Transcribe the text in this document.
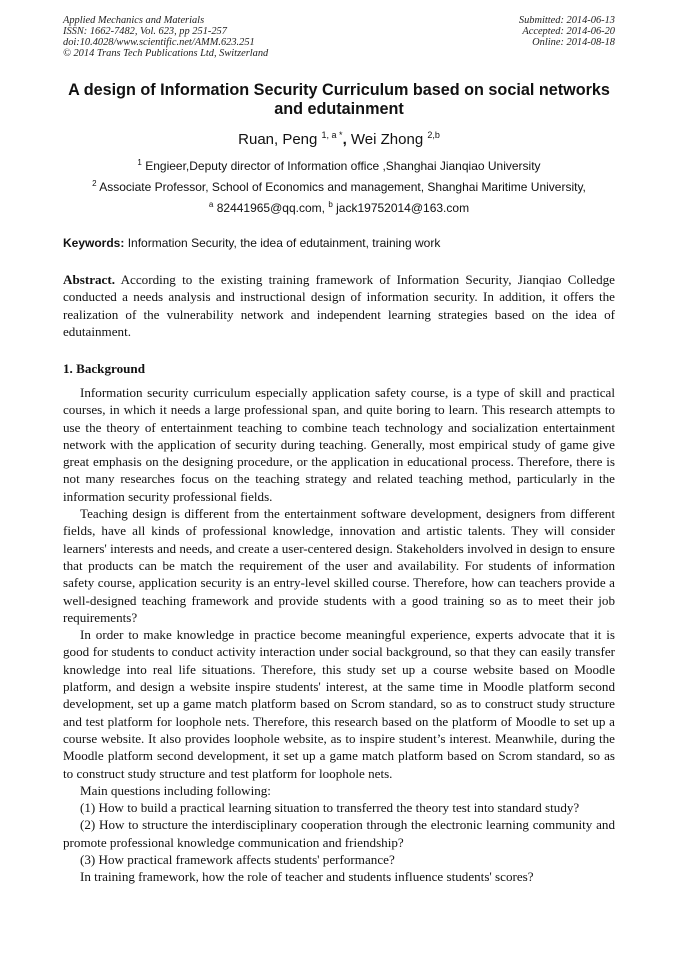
Applied Mechanics and Materials
ISSN: 1662-7482, Vol. 623, pp 251-257
doi:10.4028/www.scientific.net/AMM.623.251
© 2014 Trans Tech Publications Ltd, Switzerland
Submitted: 2014-06-13
Accepted: 2014-06-20
Online: 2014-08-18
A design of Information Security Curriculum based on social networks
and edutainment
Ruan, Peng $^{1, a *}$, Wei Zhong $^{2,b}$
$^1$ Engieer,Deputy director of Information office ,Shanghai Jianqiao University
$^2$ Associate Professor, School of Economics and management, Shanghai Maritime University,
$^a$ 82441965@qq.com, $^b$ jack19752014@163.com
Keywords: Information Security, the idea of edutainment, training work

Abstract. According to the existing training framework of Information Security, Jianqiao Colledge conducted a needs analysis and instructional design of information security. In addition, it offers the realization of the vulnerability network and independent learning strategies based on the idea of edutainment.

1. Background

Information security curriculum especially application safety course, is a type of skill and practical courses, in which it needs a large professional span, and quite boring to learn. This research attempts to use the theory of entertainment teaching to combine teach technology and socialization entertainment network with the application of security during teaching. Generally, most empirical study of game give great emphasis on the designing procedure, or the application in educational process. Therefore, there is not many researches focus on the teaching strategy and related teaching method, particularly in the information security professional fields.

Teaching design is different from the entertainment software development, designers from different fields, have all kinds of professional knowledge, innovation and artistic talents. They will consider learners' interests and needs, and create a user-centered design. Stakeholders involved in design to ensure that products can be match the requirement of the user and availability. For students of information safety course, application security is an entry-level skilled course. Therefore, how can teachers provide a well-designed teaching framework and provide students with a good training so as to meet their job requirements?

In order to make knowledge in practice become meaningful experience, experts advocate that it is good for students to conduct activity interaction under social background, so that they can easily transfer knowledge into real life situations. Therefore, this study set up a course website based on Moodle platform, and design a website inspire students' interest, at the same time in Moodle platform second development, set up a game match platform based on Scrom standard, so as to construct study structure and test platform for loophole nets. Therefore, this research based on the platform of Moodle to set up a course website. It also provides loophole website, as to inspire student’s interest. Meanwhile, during the Moodle platform second development, it set up a game match platform based on Scrom standard, so as to construct study structure and test platform for loophole nets.

Main questions including following:

(1) How to build a practical learning situation to transferred the theory test into standard study?

(2) How to structure the interdisciplinary cooperation through the electronic learning community and promote professional knowledge communication and friendship?

(3) How practical framework affects students' performance?

In training framework, how the role of teacher and students influence students' scores?
